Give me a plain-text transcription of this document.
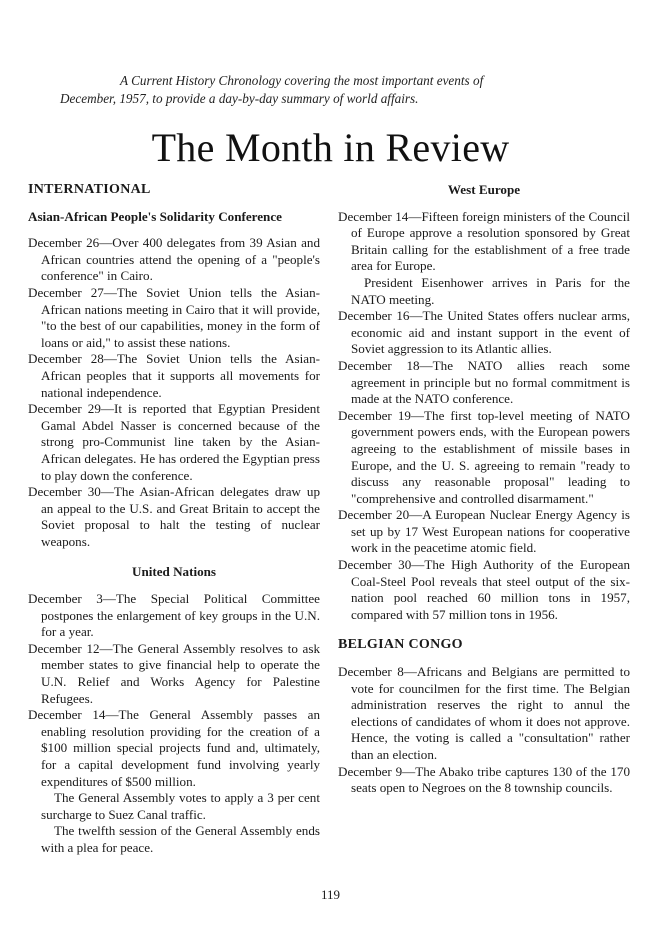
A Current History Chronology covering the most important events of
December, 1957, to provide a day-by-day summary of world affairs.
The Month in Review
INTERNATIONAL
Asian-African People's Solidarity Conference

December 26—Over 400 delegates from 39 Asian and African countries attend the opening of a "people's conference" in Cairo.

December 27—The Soviet Union tells the Asian-African nations meeting in Cairo that it will provide, "to the best of our capabilities, money in the form of loans or aid," to assist these nations.

December 28—The Soviet Union tells the Asian-African peoples that it supports all movements for national independence.

December 29—It is reported that Egyptian President Gamal Abdel Nasser is concerned because of the strong pro-Communist line taken by the Asian-African delegates. He has ordered the Egyptian press to play down the conference.

December 30—The Asian-African delegates draw up an appeal to the U.S. and Great Britain to accept the Soviet proposal to halt the testing of nuclear weapons.

United Nations

December 3—The Special Political Committee postpones the enlargement of key groups in the U.N. for a year.

December 12—The General Assembly resolves to ask member states to give financial help to operate the U.N. Relief and Works Agency for Palestine Refugees.

December 14—The General Assembly passes an enabling resolution providing for the creation of a $100 million special projects fund and, ultimately, for a capital development fund involving yearly expenditures of $500 million.

The General Assembly votes to apply a 3 per cent surcharge to Suez Canal traffic.

The twelfth session of the General Assembly ends with a plea for peace.

West Europe

December 14—Fifteen foreign ministers of the Council of Europe approve a resolution sponsored by Great Britain calling for the establishment of a free trade area for Europe.

President Eisenhower arrives in Paris for the NATO meeting.

December 16—The United States offers nuclear arms, economic aid and instant support in the event of Soviet aggression to its Atlantic allies.

December 18—The NATO allies reach some agreement in principle but no formal commitment is made at the NATO conference.

December 19—The first top-level meeting of NATO government powers ends, with the European powers agreeing to the establishment of missile bases in Europe, and the U. S. agreeing to remain "ready to discuss any reasonable proposal" leading to "comprehensive and controlled disarmament."

December 20—A European Nuclear Energy Agency is set up by 17 West European nations for cooperative work in the peacetime atomic field.

December 30—The High Authority of the European Coal-Steel Pool reveals that steel output of the six-nation pool reached 60 million tons in 1957, compared with 57 million tons in 1956.

BELGIAN CONGO

December 8—Africans and Belgians are permitted to vote for councilmen for the first time. The Belgian administration reserves the right to annul the elections of candidates of whom it does not approve. Hence, the voting is called a "consultation" rather than an election.

December 9—The Abako tribe captures 130 of the 170 seats open to Negroes on the 8 township councils.

119
